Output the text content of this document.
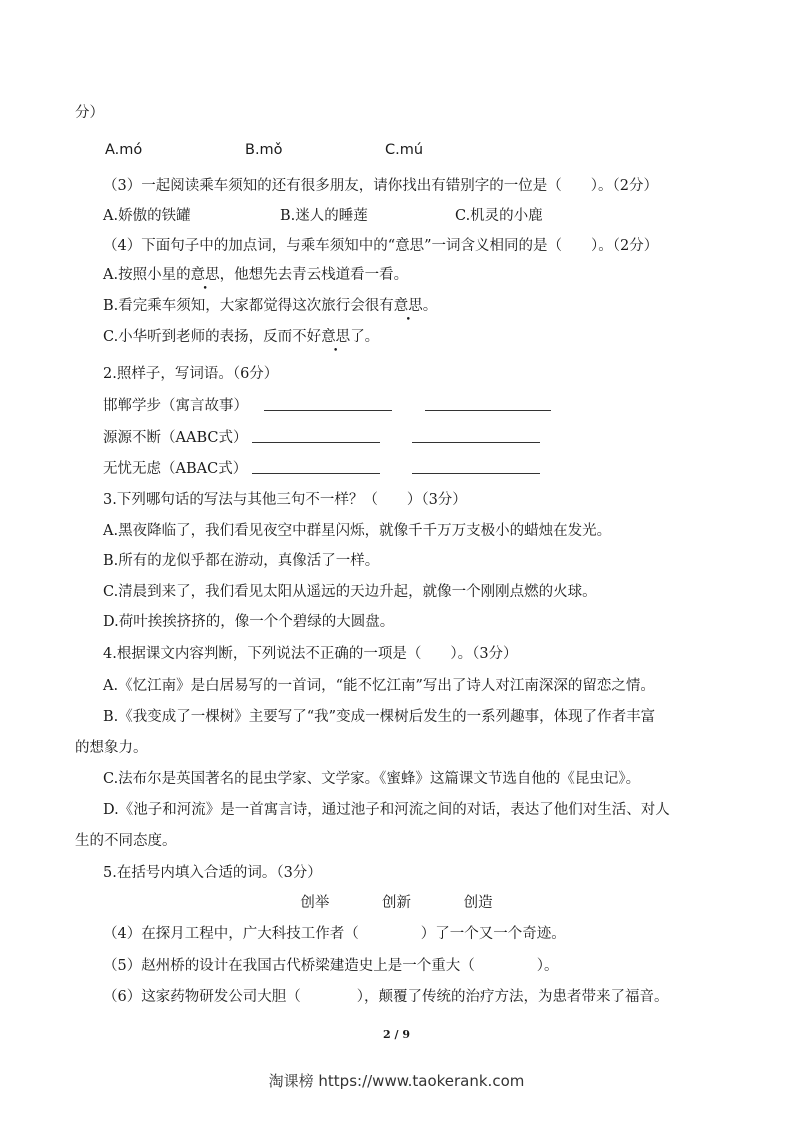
分）
A.mó	B.mǒ	C.mú
（3）一起阅读乘车须知的还有很多朋友，请你找出有错别字的一位是（　　）。（2分）
A.娇傲的铁罐	B.迷人的睡莲	C.机灵的小鹿
（4）下面句子中的加点词，与乘车须知中的“意思”一词含义相同的是（　　）。（2分）
A.按照小星的意思，他想先去青云栈道看一看。
B.看完乘车须知，大家都觉得这次旅行会很有意思。
C.小华听到老师的表扬，反而不好意思了。
2.照样子，写词语。（6分）
邯郸学步（寓言故事）
源源不断（AABC式）
无忧无虑（ABAC式）
3.下列哪句话的写法与其他三句不一样？（　　）（3分）
A.黑夜降临了，我们看见夜空中群星闪烁，就像千千万万支极小的蜡烛在发光。
B.所有的龙似乎都在游动，真像活了一样。
C.清晨到来了，我们看见太阳从遥远的天边升起，就像一个刚刚点燃的火球。
D.荷叶挨挨挤挤的，像一个个碧绿的大圆盘。
4.根据课文内容判断，下列说法不正确的一项是（　　）。（3分）
A.《忆江南》是白居易写的一首词，“能不忆江南”写出了诗人对江南深深的留恋之情。
B.《我变成了一棵树》主要写了“我”变成一棵树后发生的一系列趣事，体现了作者丰富
的想象力。
C.法布尔是英国著名的昆虫学家、文学家。《蜜蜂》这篇课文节选自他的《昆虫记》。
D.《池子和河流》是一首寓言诗，通过池子和河流之间的对话，表达了他们对生活、对人
生的不同态度。
5.在括号内填入合适的词。（3分）
创举	创新	创造
（4）在探月工程中，广大科技工作者（	）了一个又一个奇迹。
（5）赵州桥的设计在我国古代桥梁建造史上是一个重大（	）。
（6）这家药物研发公司大胆（	），颠覆了传统的治疗方法，为患者带来了福音。
2 / 9
淘课榜 https://www.taokerank.com
